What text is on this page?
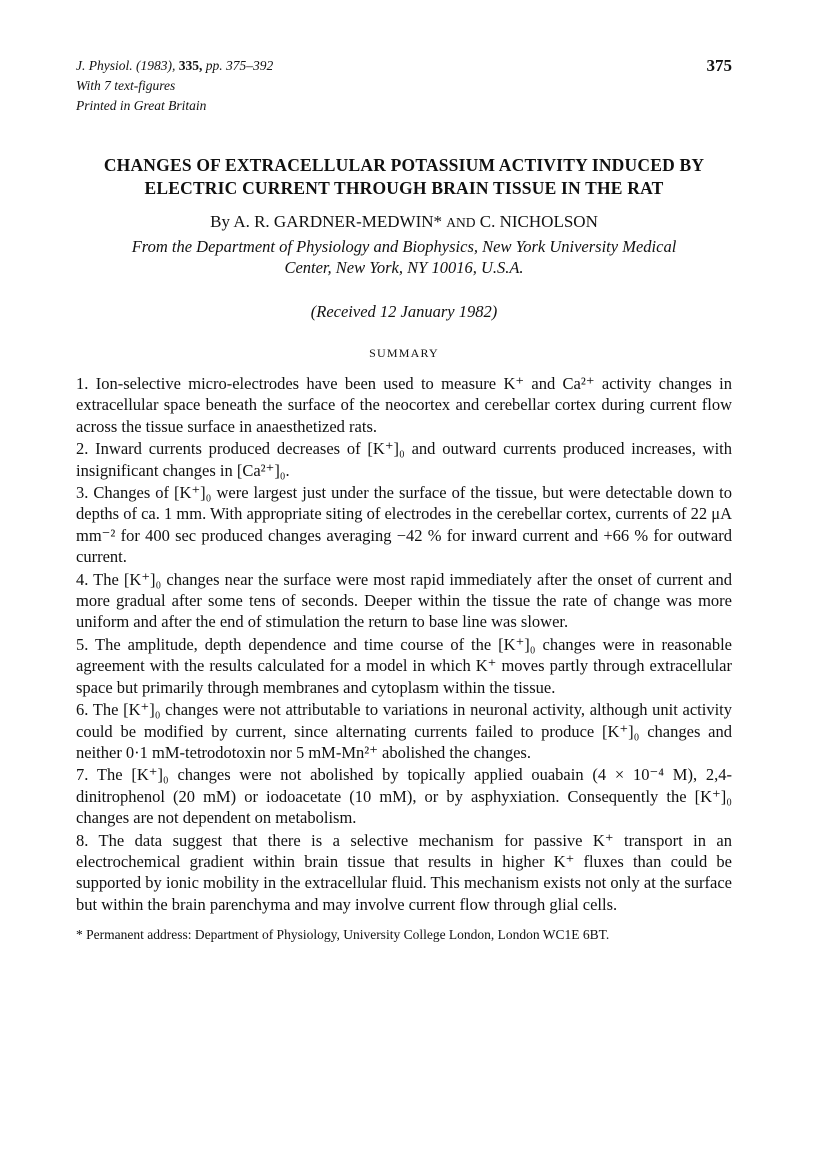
J. Physiol. (1983), 335, pp. 375–392
With 7 text-figures
Printed in Great Britain
375
CHANGES OF EXTRACELLULAR POTASSIUM ACTIVITY INDUCED BY
ELECTRIC CURRENT THROUGH BRAIN TISSUE IN THE RAT
By A. R. GARDNER-MEDWIN* AND C. NICHOLSON
From the Department of Physiology and Biophysics, New York University Medical
Center, New York, NY 10016, U.S.A.
(Received 12 January 1982)
SUMMARY

1. Ion-selective micro-electrodes have been used to measure K⁺ and Ca²⁺ activity changes in extracellular space beneath the surface of the neocortex and cerebellar cortex during current flow across the tissue surface in anaesthetized rats.

2. Inward currents produced decreases of [K⁺]₀ and outward currents produced increases, with insignificant changes in [Ca²⁺]₀.

3. Changes of [K⁺]₀ were largest just under the surface of the tissue, but were detectable down to depths of ca. 1 mm. With appropriate siting of electrodes in the cerebellar cortex, currents of 22 μA mm⁻² for 400 sec produced changes averaging −42 % for inward current and +66 % for outward current.

4. The [K⁺]₀ changes near the surface were most rapid immediately after the onset of current and more gradual after some tens of seconds. Deeper within the tissue the rate of change was more uniform and after the end of stimulation the return to base line was slower.

5. The amplitude, depth dependence and time course of the [K⁺]₀ changes were in reasonable agreement with the results calculated for a model in which K⁺ moves partly through extracellular space but primarily through membranes and cytoplasm within the tissue.

6. The [K⁺]₀ changes were not attributable to variations in neuronal activity, although unit activity could be modified by current, since alternating currents failed to produce [K⁺]₀ changes and neither 0·1 mM-tetrodotoxin nor 5 mM-Mn²⁺ abolished the changes.

7. The [K⁺]₀ changes were not abolished by topically applied ouabain (4 × 10⁻⁴ M), 2,4-dinitrophenol (20 mM) or iodoacetate (10 mM), or by asphyxiation. Consequently the [K⁺]₀ changes are not dependent on metabolism.

8. The data suggest that there is a selective mechanism for passive K⁺ transport in an electrochemical gradient within brain tissue that results in higher K⁺ fluxes than could be supported by ionic mobility in the extracellular fluid. This mechanism exists not only at the surface but within the brain parenchyma and may involve current flow through glial cells.

* Permanent address: Department of Physiology, University College London, London WC1E 6BT.
